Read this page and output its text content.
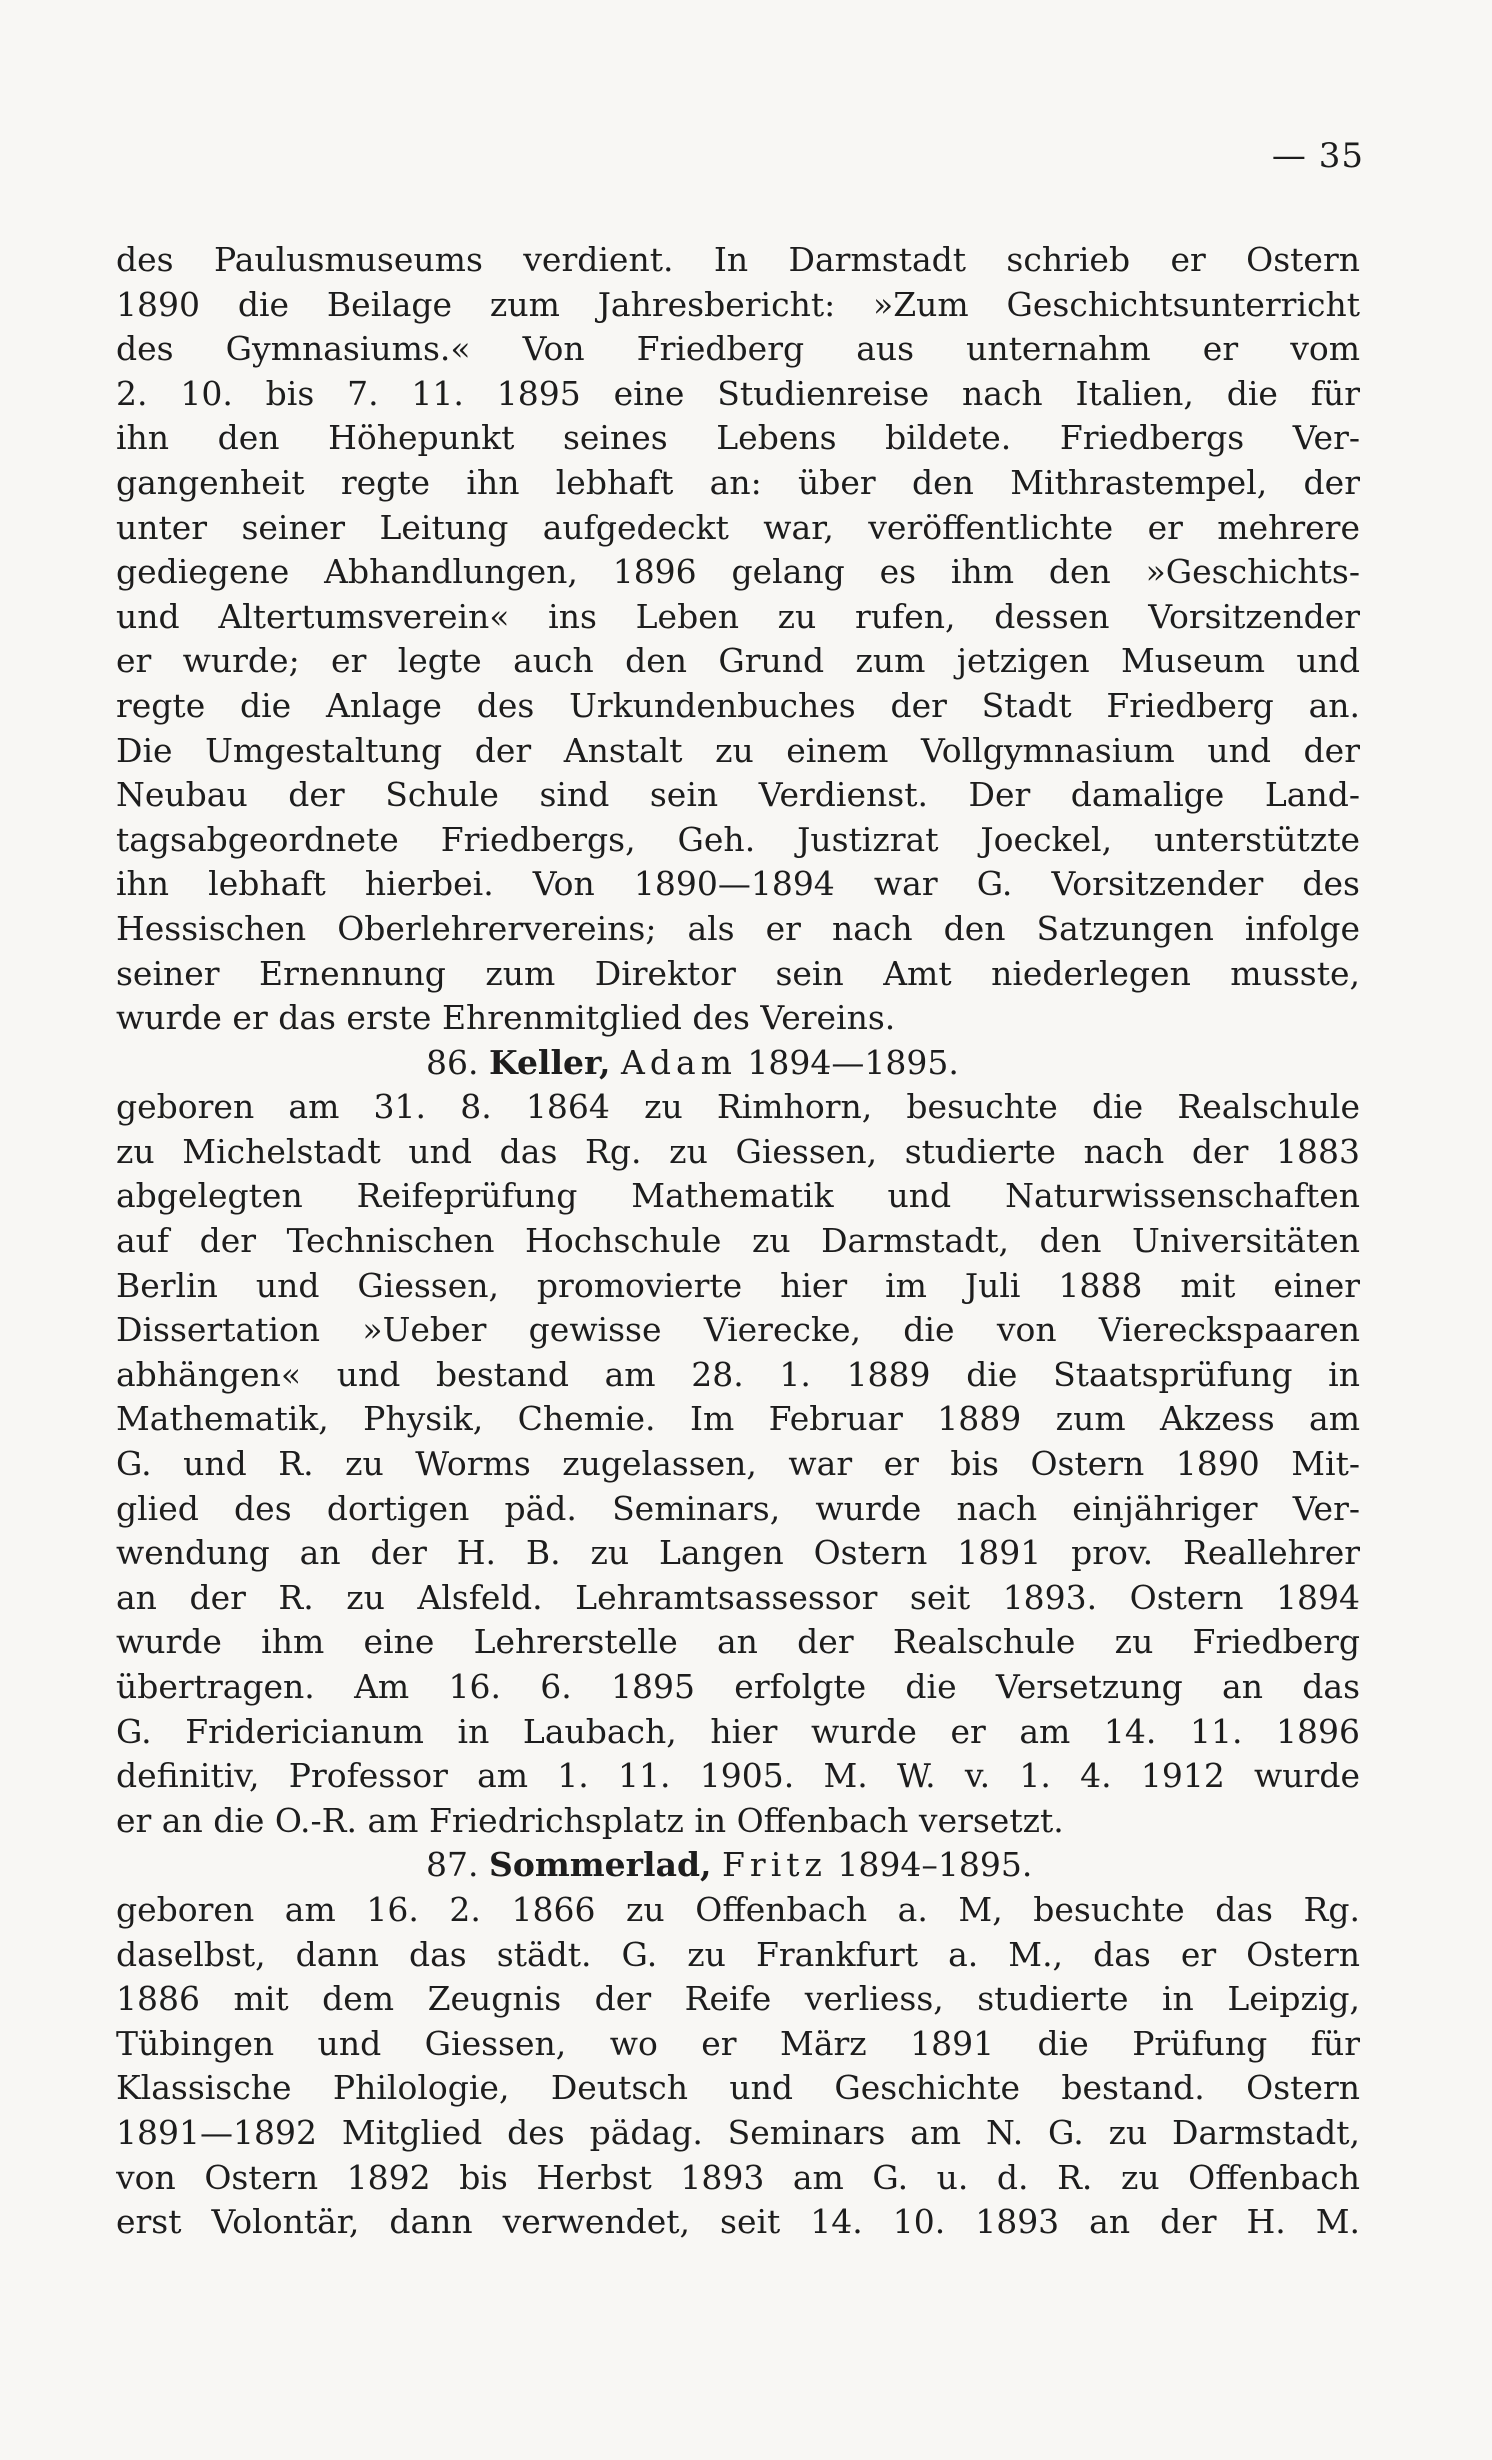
— 35
des Paulusmuseums verdient. In Darmstadt schrieb er Ostern
1890 die Beilage zum Jahresbericht: »Zum Geschichtsunterricht
des Gymnasiums.« Von Friedberg aus unternahm er vom
2. 10. bis 7. 11. 1895 eine Studienreise nach Italien, die für
ihn den Höhepunkt seines Lebens bildete. Friedbergs Ver-
gangenheit regte ihn lebhaft an: über den Mithrastempel, der
unter seiner Leitung aufgedeckt war, veröffentlichte er mehrere
gediegene Abhandlungen, 1896 gelang es ihm den »Geschichts-
und Altertumsverein« ins Leben zu rufen, dessen Vorsitzender
er wurde; er legte auch den Grund zum jetzigen Museum und
regte die Anlage des Urkundenbuches der Stadt Friedberg an.
Die Umgestaltung der Anstalt zu einem Vollgymnasium und der
Neubau der Schule sind sein Verdienst. Der damalige Land-
tagsabgeordnete Friedbergs, Geh. Justizrat Joeckel, unterstützte
ihn lebhaft hierbei. Von 1890—1894 war G. Vorsitzender des
Hessischen Oberlehrervereins; als er nach den Satzungen infolge
seiner Ernennung zum Direktor sein Amt niederlegen musste,
wurde er das erste Ehrenmitglied des Vereins.
86. Keller, Adam 1894—1895.
geboren am 31. 8. 1864 zu Rimhorn, besuchte die Realschule
zu Michelstadt und das Rg. zu Giessen, studierte nach der 1883
abgelegten Reifeprüfung Mathematik und Naturwissenschaften
auf der Technischen Hochschule zu Darmstadt, den Universitäten
Berlin und Giessen, promovierte hier im Juli 1888 mit einer
Dissertation »Ueber gewisse Vierecke, die von Viereckspaaren
abhängen« und bestand am 28. 1. 1889 die Staatsprüfung in
Mathematik, Physik, Chemie. Im Februar 1889 zum Akzess am
G. und R. zu Worms zugelassen, war er bis Ostern 1890 Mit-
glied des dortigen päd. Seminars, wurde nach einjähriger Ver-
wendung an der H. B. zu Langen Ostern 1891 prov. Reallehrer
an der R. zu Alsfeld. Lehramtsassessor seit 1893. Ostern 1894
wurde ihm eine Lehrerstelle an der Realschule zu Friedberg
übertragen. Am 16. 6. 1895 erfolgte die Versetzung an das
G. Fridericianum in Laubach, hier wurde er am 14. 11. 1896
definitiv, Professor am 1. 11. 1905. M. W. v. 1. 4. 1912 wurde
er an die O.-R. am Friedrichsplatz in Offenbach versetzt.
87. Sommerlad, Fritz 1894–1895.
geboren am 16. 2. 1866 zu Offenbach a. M, besuchte das Rg.
daselbst, dann das städt. G. zu Frankfurt a. M., das er Ostern
1886 mit dem Zeugnis der Reife verliess, studierte in Leipzig,
Tübingen und Giessen, wo er März 1891 die Prüfung für
Klassische Philologie, Deutsch und Geschichte bestand. Ostern
1891—1892 Mitglied des pädag. Seminars am N. G. zu Darmstadt,
von Ostern 1892 bis Herbst 1893 am G. u. d. R. zu Offenbach
erst Volontär, dann verwendet, seit 14. 10. 1893 an der H. M.
